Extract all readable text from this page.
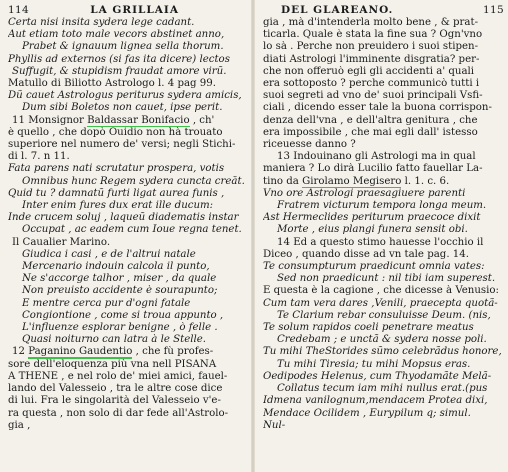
114	LA GRILLAIA
Certa nisi insita sydera lege cadant.
Aut etiam toto male vecors abstinet anno,
Prabet & ignauum lignea sella thorum.
Phyllis ad externos (si fas ita dicere) lectos
Suffugit, & stupidism fraudat amore virũ.
Matullo di Biliotto Astrologo l. 4 pag 99.
Dũ cauet Astrologus periturus sydera amicis,
Dum sibi Boletos non cauet, ipse perit.
11 Monsignor Baldassar Bonifacio , ch'
è quello , che dopò Ouidio non hà trouato
superiore nel numero de' versi; negli Stichi-
di l. 7. n 11.
Fata parens nati scrutatur prospera, votis
Omnibus hunc Regem sydera cuncta creăt.
Quid tu ? damnatũ furti ligat aurea funis ,
Inter enim fures dux erat ille ducum:
Inde crucem soluj , laqueũ diadematis instar
Occupat , ac eadem cum Ioue regna tenet.
Il Caualier Marino.
Giudica i casi , e de l'altrui natale
Mercenario indouin calcola il punto,
Ne s'accorge talhor , miser , da quale
Non preuisto accidente è sourapunto;
E mentre cerca pur d'ogni fatale
Congiontione , come si troua appunto ,
L'influenze esplorar benigne , ò felle .
Quasi noiturno can latra à le Stelle.
12 Paganino Gaudentio , che fù profes-
sore dell'eloquenza più vna nell PISANA
A THENE , e nel rolo de' miei amici, fauel-
lando del Valesseio , tra le altre cose dice
di lui. Fra le singolarità del Valesseio v'e-
ra questa , non solo di dar fede all'Astrolo-
gia ,
DEL GLAREANO.	115
gia , mà d'intenderla molto bene , & prat-
ticarla. Quale è stata la fine sua ? Ogn'vno
lo sà . Perche non preuidero i suoi stipen-
diati Astrologi l'imminente disgratia? per-
che non offeruò egli gli accidenti a' quali
era sottoposto ? perche communicò tutti i
suoi segreti ad vno de' suoi principali Vsfi-
ciali , dicendo esser tale la buona corrispon-
denza dell'vna , e dell'altra genitura , che
era impossibile , che mai egli dall' istesso
riceuesse danno ?
13 Indouinano gli Astrologi ma in qual
maniera ? Lo dirà Lucilio fatto fauellar La-
tino da Girolamo Megisero l. 1. c. 6.
Vno ore Astrologi praesagiuere parenti
Fratrem victurum tempora longa meum.
Ast Hermeclides periturum praecoce dixit
Morte , eius plangi funera sensit obi.
14 Ed a questo stimo hauesse l'occhio il
Diceo , quando disse ad vn tale pag. 14.
Te consumpturum praedicunt omnia vates:
Sed non praedicunt : nil tibi iam superest.
E questa è la cagione , che dicesse à Venusio:
Cum tam vera dares ,Venili, praecepta quotã-
Te Clarium rebar consuluisse Deum. (nis,
Te solum rapidos coeli penetrare meatus
Credebam ; e unctã & sydera nosse poli.
Tu mihi TheStorides sũmo celebrãdus honore,
Tu mihi Tiresia; tu mihi Mopsus eras.
Oedipodes Helenus, cum Thyodamãte Melã-
Collatus tecum iam mihi nullus erat.(pus
Idmena vanilognum,mendacem Protea dixi,
Mendace Ocilidem , Eurypilum q; simul.
Nul-
